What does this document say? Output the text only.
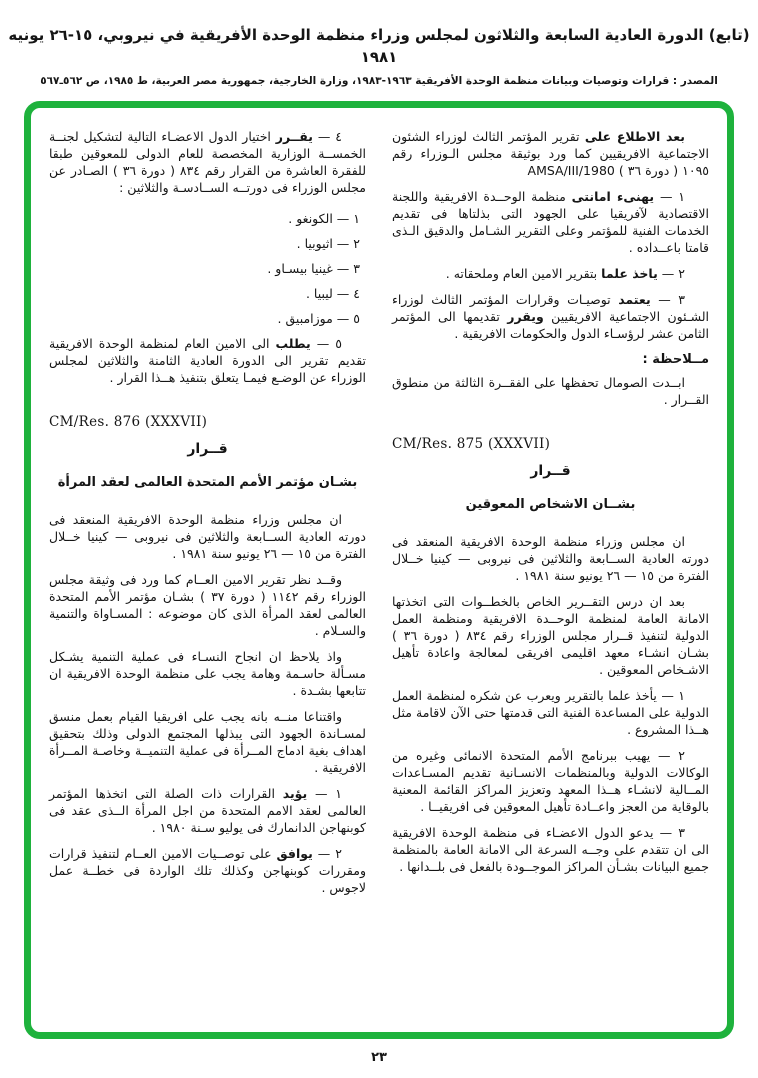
(تابع) الدورة العادية السابعة والثلاثون لمجلس وزراء منظمة الوحدة الأفريقية في نيروبي، ١٥-٢٦ يونيه ١٩٨١
المصدر : قرارات وتوصيات وبيانات منظمة الوحدة الأفريقية ١٩٦٣-١٩٨٣، وزارة الخارجية، جمهورية مصر العربية، ط ١٩٨٥، ص ٥٦٢ـ٥٦٧

بعد الاطلاع على تقرير المؤتمر الثالث لوزراء الشئون الاجتماعية الافريقيين كما ورد بوثيقة مجلس الـوزراء رقم ١٠٩٥ ( دورة ٣٦ ) AMSA/III/1980

١ — يهنىء امانتى منظمة الوحــدة الافريقية واللجنة الاقتصادية لآفريقيا على الجهود التى بذلتاها فى تقديم الخدمات الفنية للمؤتمر وعلى التقرير الشـامل والدقيق الـذى قامتا باعــداده .

٢ — ياخذ علما بتقرير الامين العام وملحقاته .

٣ — يعتمد توصيـات وقرارات المؤتمر الثالث لوزراء الشـئون الاجتماعية الافريقيين ويقرر تقديمها الى المؤتمر الثامن عشر لرؤسـاء الدول والحكومات الافريقية .

مــلاحظة :

ابــدت الصومال تحفظها على الفقــرة الثالثة من منطوق القــرار .

CM/Res. 875 (XXXVII)
قــرار
بشــان الاشخاص المعوقين

ان مجلس وزراء منظمة الوحدة الافريقية المنعقد فى دورته العادية الســابعة والثلاثين فى نيروبى — كينيا خــلال الفترة من ١٥ — ٢٦ يونيو سنة ١٩٨١ .

بعد ان درس التقــرير الخاص بالخطــوات التى اتخذتها الامانة العامة لمنظمة الوحــدة الافريقية ومنظمة العمل الدولية لتنفيذ قــرار مجلس الوزراء رقم ٨٣٤ ( دورة ٣٦ ) بشـان انشـاء معهد اقليمى افريقى لمعالجة واعادة تأهيل الاشـخاص المعوقين .

١ — يأخذ علما بالتقرير ويعرب عن شكره لمنظمة العمل الدولية على المساعدة الفنية التى قدمتها حتى الآن لاقامة مثل هــذا المشروع .

٢ — يهيب ببرنامج الأمم المتحدة الانمائى وغيره من الوكالات الدولية وبالمنظمات الانسـانية تقديم المسـاعدات المــالية لانشـاء هــذا المعهد وتعزيز المراكز القائمة المعنية بالوقاية من العجز واعــادة تأهيل المعوقين فى افريقيــا .

٣ — يدعو الدول الاعضـاء فى منظمة الوحدة الافريقية الى ان تتقدم على وجــه السرعة الى الامانة العامة بالمنظمة جميع البيانات بشـأن المراكز الموجــودة بالفعل فى بلــدانها .

٤ — يقــرر اختيار الدول الاعضـاء التالية لتشكيل لجنــة الخمســة الوزارية المخصصة للعام الدولى للمعوقين طبقا للفقرة العاشرة من القرار رقم ٨٣٤ ( دورة ٣٦ ) الصـادر عن مجلس الوزراء فى دورتــه الســادسـة والثلاثين :

١ — الكونغو .
٢ — اثيوبيا .
٣ — غينيا بيسـاو .
٤ — ليبيا .
٥ — موزامبيق .

٥ — يطلب الى الامين العام لمنظمة الوحدة الافريقية تقديم تقرير الى الدورة العادية الثامنة والثلاثين لمجلس الوزراء عن الوضـع فيمـا يتعلق بتنفيذ هــذا القرار .

CM/Res. 876 (XXXVII)
قــرار
بشـان مؤتمر الأمم المتحدة العالمى لعقد المرأة

ان مجلس وزراء منظمة الوحدة الافريقية المنعقد فى دورته العادية الســابعة والثلاثين فى نيروبى — كينيا خــلال الفترة من ١٥ — ٢٦ يونيو سنة ١٩٨١ .

وقــد نظر تقرير الامين العــام كما ورد فى وثيقة مجلس الوزراء رقم ١١٤٢ ( دورة ٣٧ ) بشـان مؤتمر الأمم المتحدة العالمى لعقد المرأة الذى كان موضوعه : المسـاواة والتنمية والسـلام .

واذ يلاحظ ان انجاح النسـاء فى عملية التنمية يشـكل مسـألة حاسـمة وهامة يجب على منظمة الوحدة الافريقية ان تتابعها بشـدة .

واقتناعا منــه بانه يجب على افريقيا القيام بعمل منسق لمسـاندة الجهود التى يبذلها المجتمع الدولى وذلك بتحقيق اهداف بغية ادماج المــرأة فى عملية التنميــة وخاصـة المــرأة الافريقية .

١ — يؤيد القرارات ذات الصلة التى اتخذها المؤتمر العالمى لعقد الامم المتحدة من اجل المرأة الــذى عقد فى كوبنهاجن الدانمارك فى يوليو سـنة ١٩٨٠ .

٢ — يوافق على توصــيات الامين العــام لتنفيذ قرارات ومقررات كوبنهاجن وكذلك تلك الواردة فى خطــة عمل لاجوس .

٢٣
